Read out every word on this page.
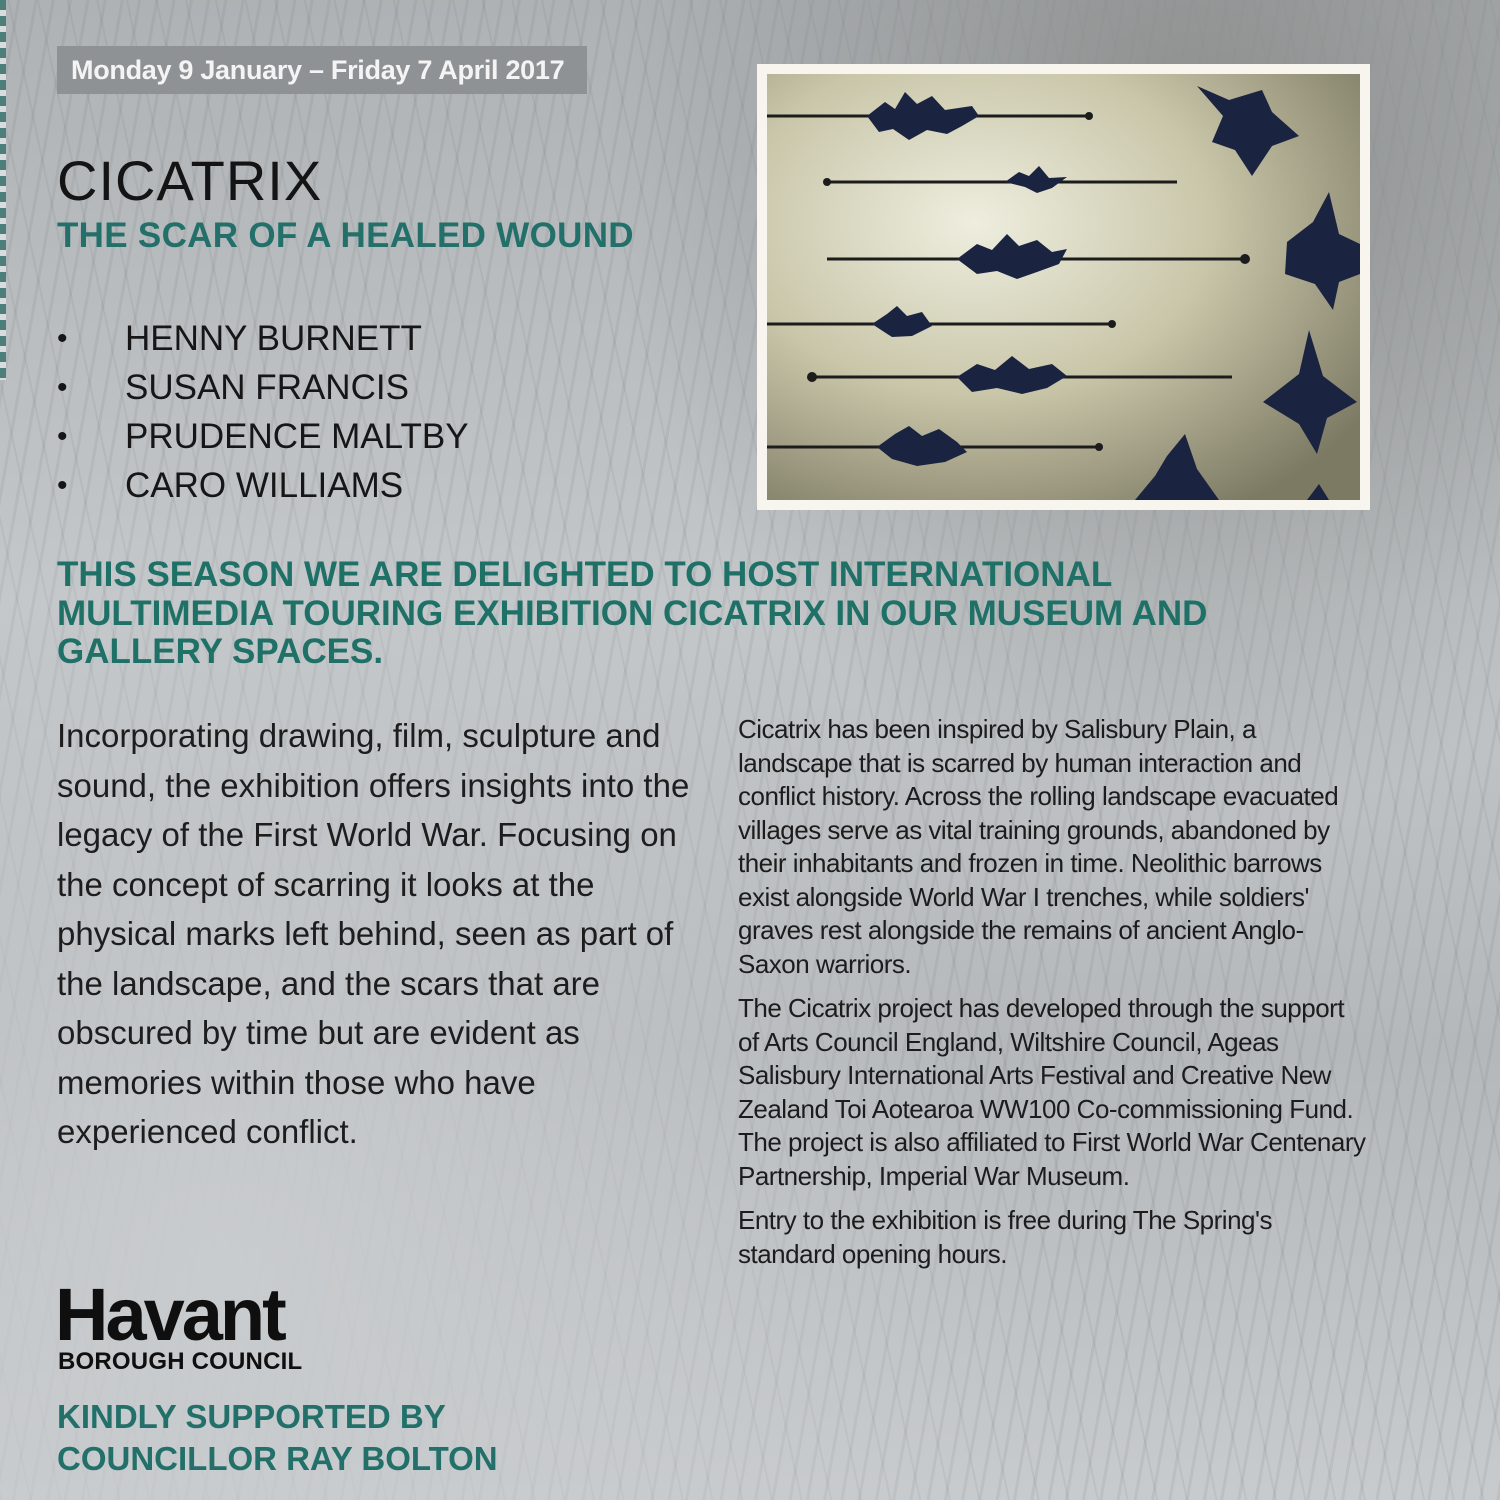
Monday 9 January – Friday 7 April 2017
CICATRIX
THE SCAR OF A HEALED WOUND
•	HENNY BURNETT
•	SUSAN FRANCIS
•	PRUDENCE MALTBY
•	CARO WILLIAMS

THIS SEASON WE ARE DELIGHTED TO HOST INTERNATIONAL MULTIMEDIA TOURING EXHIBITION CICATRIX IN OUR MUSEUM AND GALLERY SPACES.

Incorporating drawing, film, sculpture and sound, the exhibition offers insights into the legacy of the First World War. Focusing on the concept of scarring it looks at the physical marks left behind, seen as part of the landscape, and the scars that are obscured by time but are evident as memories within those who have experienced conflict.

Cicatrix has been inspired by Salisbury Plain, a landscape that is scarred by human interaction and conflict history. Across the rolling landscape evacuated villages serve as vital training grounds, abandoned by their inhabitants and frozen in time. Neolithic barrows exist alongside World War I trenches, while soldiers' graves rest alongside the remains of ancient Anglo-Saxon warriors.

The Cicatrix project has developed through the support of Arts Council England, Wiltshire Council, Ageas Salisbury International Arts Festival and Creative New Zealand Toi Aotearoa WW100 Co-commissioning Fund. The project is also affiliated to First World War Centenary Partnership, Imperial War Museum.

Entry to the exhibition is free during The Spring's standard opening hours.

Havant
BOROUGH COUNCIL
KINDLY SUPPORTED BY
COUNCILLOR RAY BOLTON
